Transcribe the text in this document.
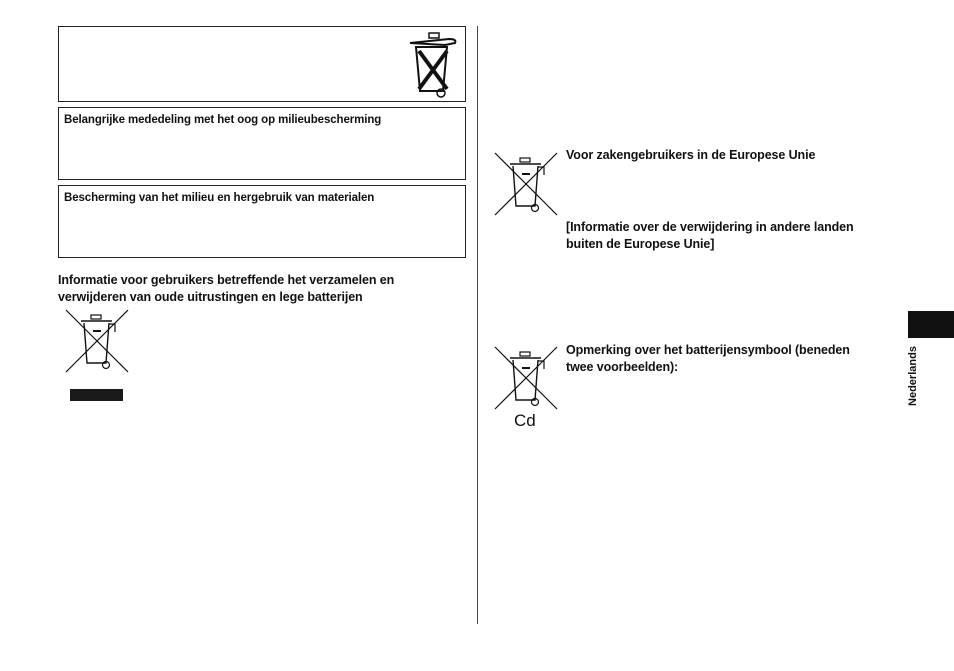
Belangrijke mededeling met het oog op milieubescherming
Bescherming van het milieu en hergebruik van materialen
Informatie voor gebruikers betreffende het verzamelen en
verwijderen van oude uitrustingen en lege batterijen
Voor zakengebruikers in de Europese Unie
[Informatie over de verwijdering in andere landen
buiten de Europese Unie]
Cd
Opmerking over het batterijensymbool (beneden
twee voorbeelden):	Nederlands
